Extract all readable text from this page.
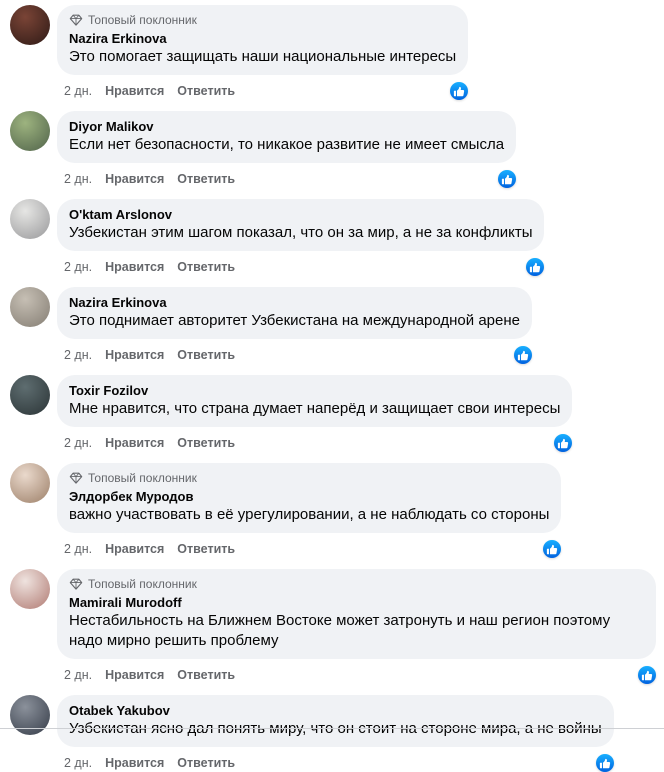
Топовый поклонник
Nazira Erkinova
Это помогает защищать наши национальные интересы
2 дн. Нравится Ответить
Diyor Malikov
Если нет безопасности, то никакое развитие не имеет смысла
2 дн. Нравится Ответить
O'ktam Arslonov
Узбекистан этим шагом показал, что он за мир, а не за конфликты
2 дн. Нравится Ответить
Nazira Erkinova
Это поднимает авторитет Узбекистана на международной арене
2 дн. Нравится Ответить
Toxir Fozilov
Мне нравится, что страна думает наперёд и защищает свои интересы
2 дн. Нравится Ответить
Топовый поклонник
Элдорбек Муродов
важно участвовать в её урегулировании, а не наблюдать со стороны
2 дн. Нравится Ответить
Топовый поклонник
Mamirali Murodoff
Нестабильность на Ближнем Востоке может затронуть и наш регион поэтому надо мирно решить проблему
2 дн. Нравится Ответить
Otabek Yakubov
Узбекистан ясно дал понять миру, что он стоит на стороне мира, а не войны
2 дн. Нравится Ответить
